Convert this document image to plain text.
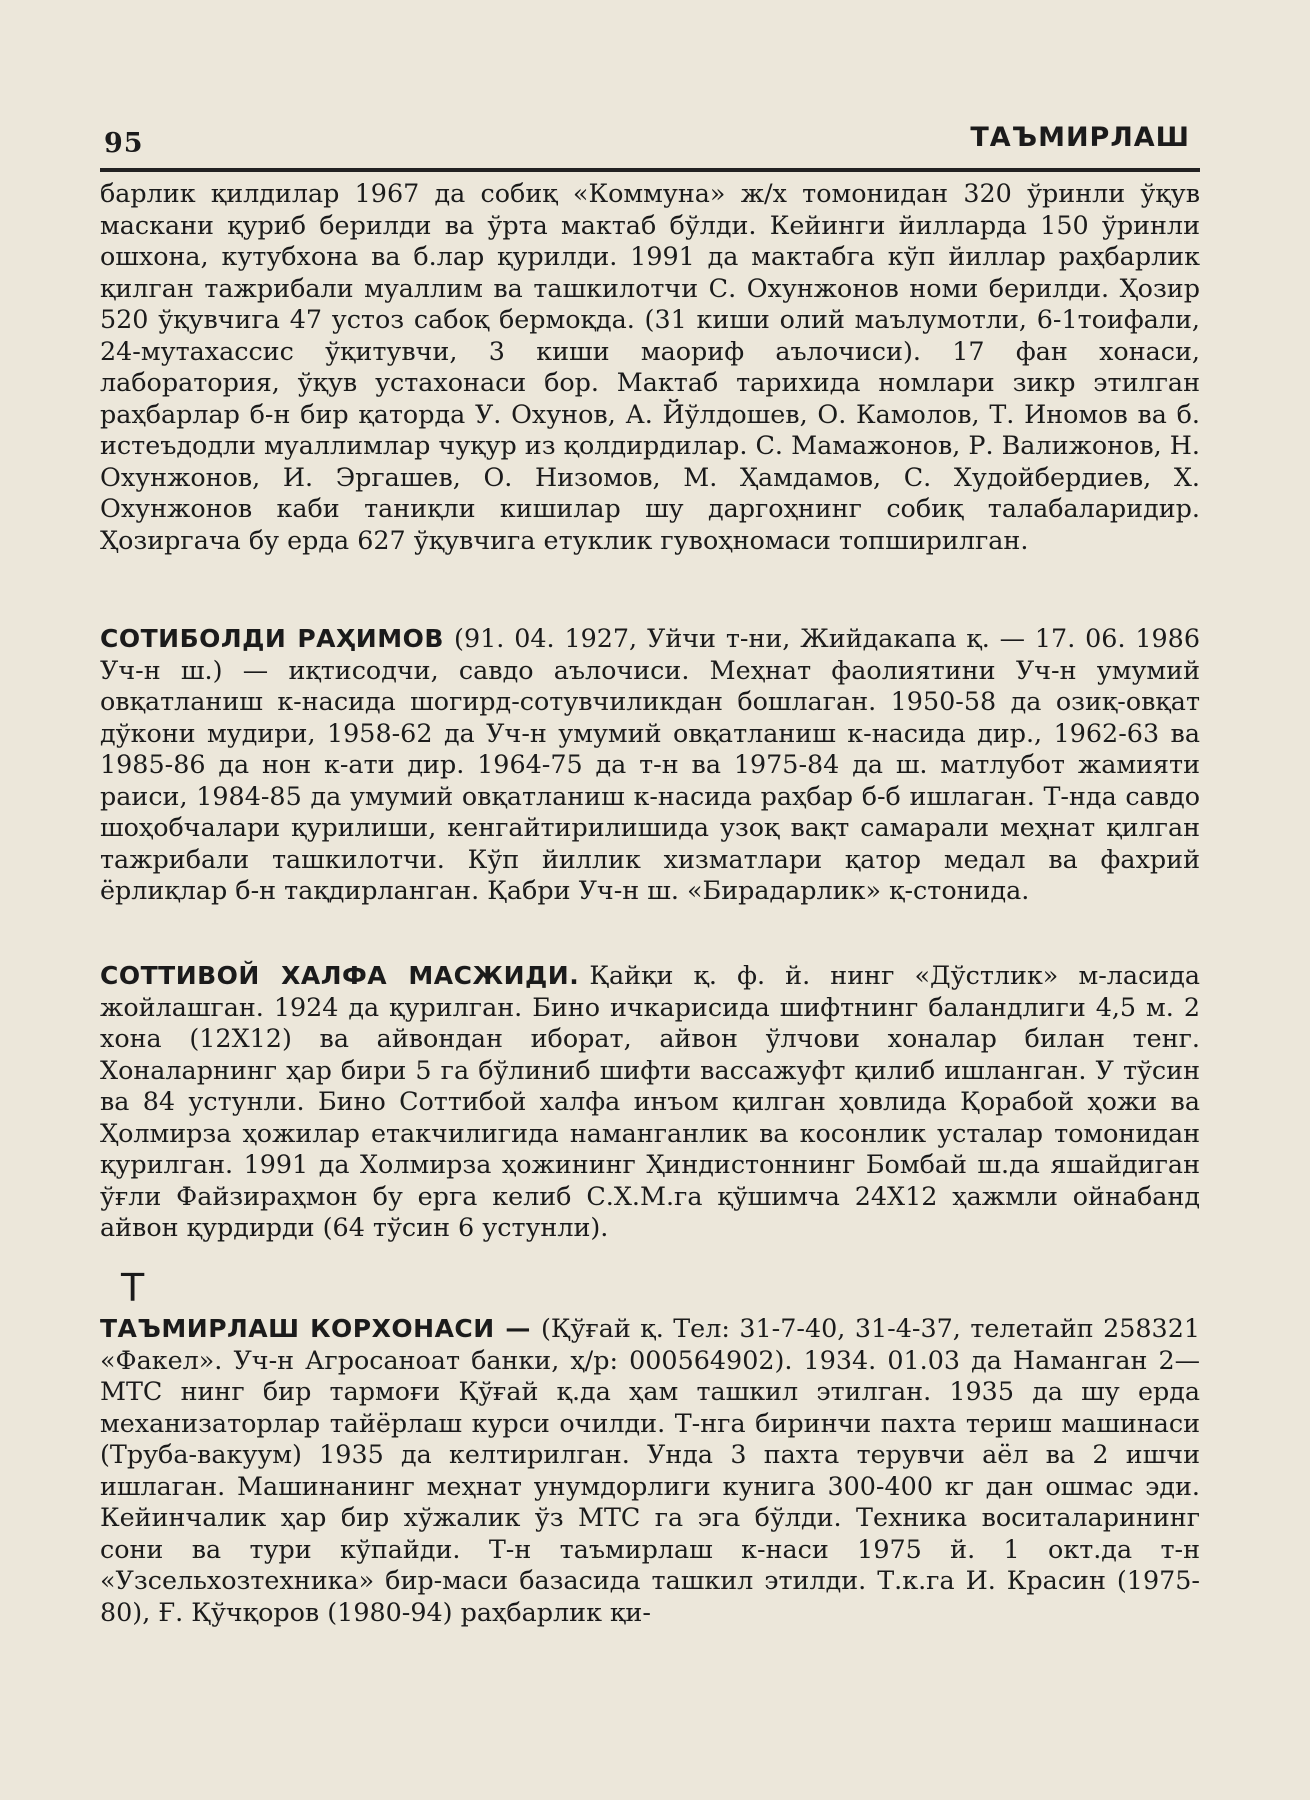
95	ТАЪМИРЛАШ

барлик қилдилар 1967 да собиқ «Коммуна» ж/х томонидан 320 ўринли ўқув маскани қуриб берилди ва ўрта мактаб бўлди. Кейинги йилларда 150 ўринли ошхона, кутубхона ва б.лар қурилди. 1991 да мактабга кўп йиллар раҳбарлик қилган тажрибали муаллим ва ташкилотчи С. Охунжонов номи берилди. Ҳозир 520 ўқувчига 47 устоз сабоқ бермоқда. (31 киши олий маълумотли, 6-1тоифали, 24-мутахассис ўқитувчи, 3 киши маориф аълочиси). 17 фан хонаси, лаборатория, ўқув устахонаси бор. Мактаб тарихида номлари зикр этилган раҳбарлар б-н бир қаторда У. Охунов, А. Йўлдошев, О. Камолов, Т. Иномов ва б. истеъдодли муаллимлар чуқур из қолдирдилар. С. Мамажонов, Р. Валижонов, Н. Охунжонов, И. Эргашев, О. Низомов, М. Ҳамдамов, С. Худойбердиев, Х. Охунжонов каби таниқли кишилар шу даргоҳнинг собиқ талабаларидир. Ҳозиргача бу ерда 627 ўқувчига етуклик гувоҳномаси топширилган.

СОТИБОЛДИ РАҲИМОВ (91. 04. 1927, Уйчи т-ни, Жийдакапа қ. — 17. 06. 1986 Уч-н ш.) — иқтисодчи, савдо аълочиси. Меҳнат фаолиятини Уч-н умумий овқатланиш к-насида шогирд-сотувчиликдан бошлаган. 1950-58 да озиқ-овқат дўкони мудири, 1958-62 да Уч-н умумий овқатланиш к-насида дир., 1962-63 ва 1985-86 да нон к-ати дир. 1964-75 да т-н ва 1975-84 да ш. матлубот жамияти раиси, 1984-85 да умумий овқатланиш к-насида раҳбар б-б ишлаган. Т-нда савдо шоҳобчалари қурилиши, кенгайтирилишида узоқ вақт самарали меҳнат қилган тажрибали ташкилотчи. Кўп йиллик хизматлари қатор медал ва фахрий ёрлиқлар б-н тақдирланган. Қабри Уч-н ш. «Бирадарлик» қ-стонида.

СОТТИВОЙ ХАЛФА МАСЖИДИ. Қайқи қ. ф. й. нинг «Дўстлик» м-ласида жойлашган. 1924 да қурилган. Бино ичкарисида шифтнинг баландлиги 4,5 м. 2 хона (12Х12) ва айвондан иборат, айвон ўлчови хоналар билан тенг. Хоналарнинг ҳар бири 5 га бўлиниб шифти вассажуфт қилиб ишланган. У тўсин ва 84 устунли. Бино Соттибой халфа инъом қилган ҳовлида Қорабой ҳожи ва Ҳолмирза ҳожилар етакчилигида наманганлик ва косонлик усталар томонидан қурилган. 1991 да Холмирза ҳожининг Ҳиндистоннинг Бомбай ш.да яшайдиган ўғли Файзираҳмон бу ерга келиб С.Х.М.га қўшимча 24Х12 ҳажмли ойнабанд айвон қурдирди (64 тўсин 6 устунли).

Т

ТАЪМИРЛАШ КОРХОНАСИ — (Қўғай қ. Тел: 31-7-40, 31-4-37, телетайп 258321 «Факел». Уч-н Агросаноат банки, ҳ/р: 000564902). 1934. 01.03 да Наманган 2—МТС нинг бир тармоғи Қўғай қ.да ҳам ташкил этилган. 1935 да шу ерда механизаторлар тайёрлаш курси очилди. Т-нга биринчи пахта териш машинаси (Труба-вакуум) 1935 да келтирилган. Унда 3 пахта терувчи аёл ва 2 ишчи ишлаган. Машинанинг меҳнат унумдорлиги кунига 300-400 кг дан ошмас эди. Кейинчалик ҳар бир хўжалик ўз МТС га эга бўлди. Техника воситаларининг сони ва тури кўпайди. Т-н таъмирлаш к-наси 1975 й. 1 окт.да т-н «Узсельхозтехника» бир-маси базасида ташкил этилди. Т.к.га И. Красин (1975-80), Ғ. Қўчқоров (1980-94) раҳбарлик қи-
